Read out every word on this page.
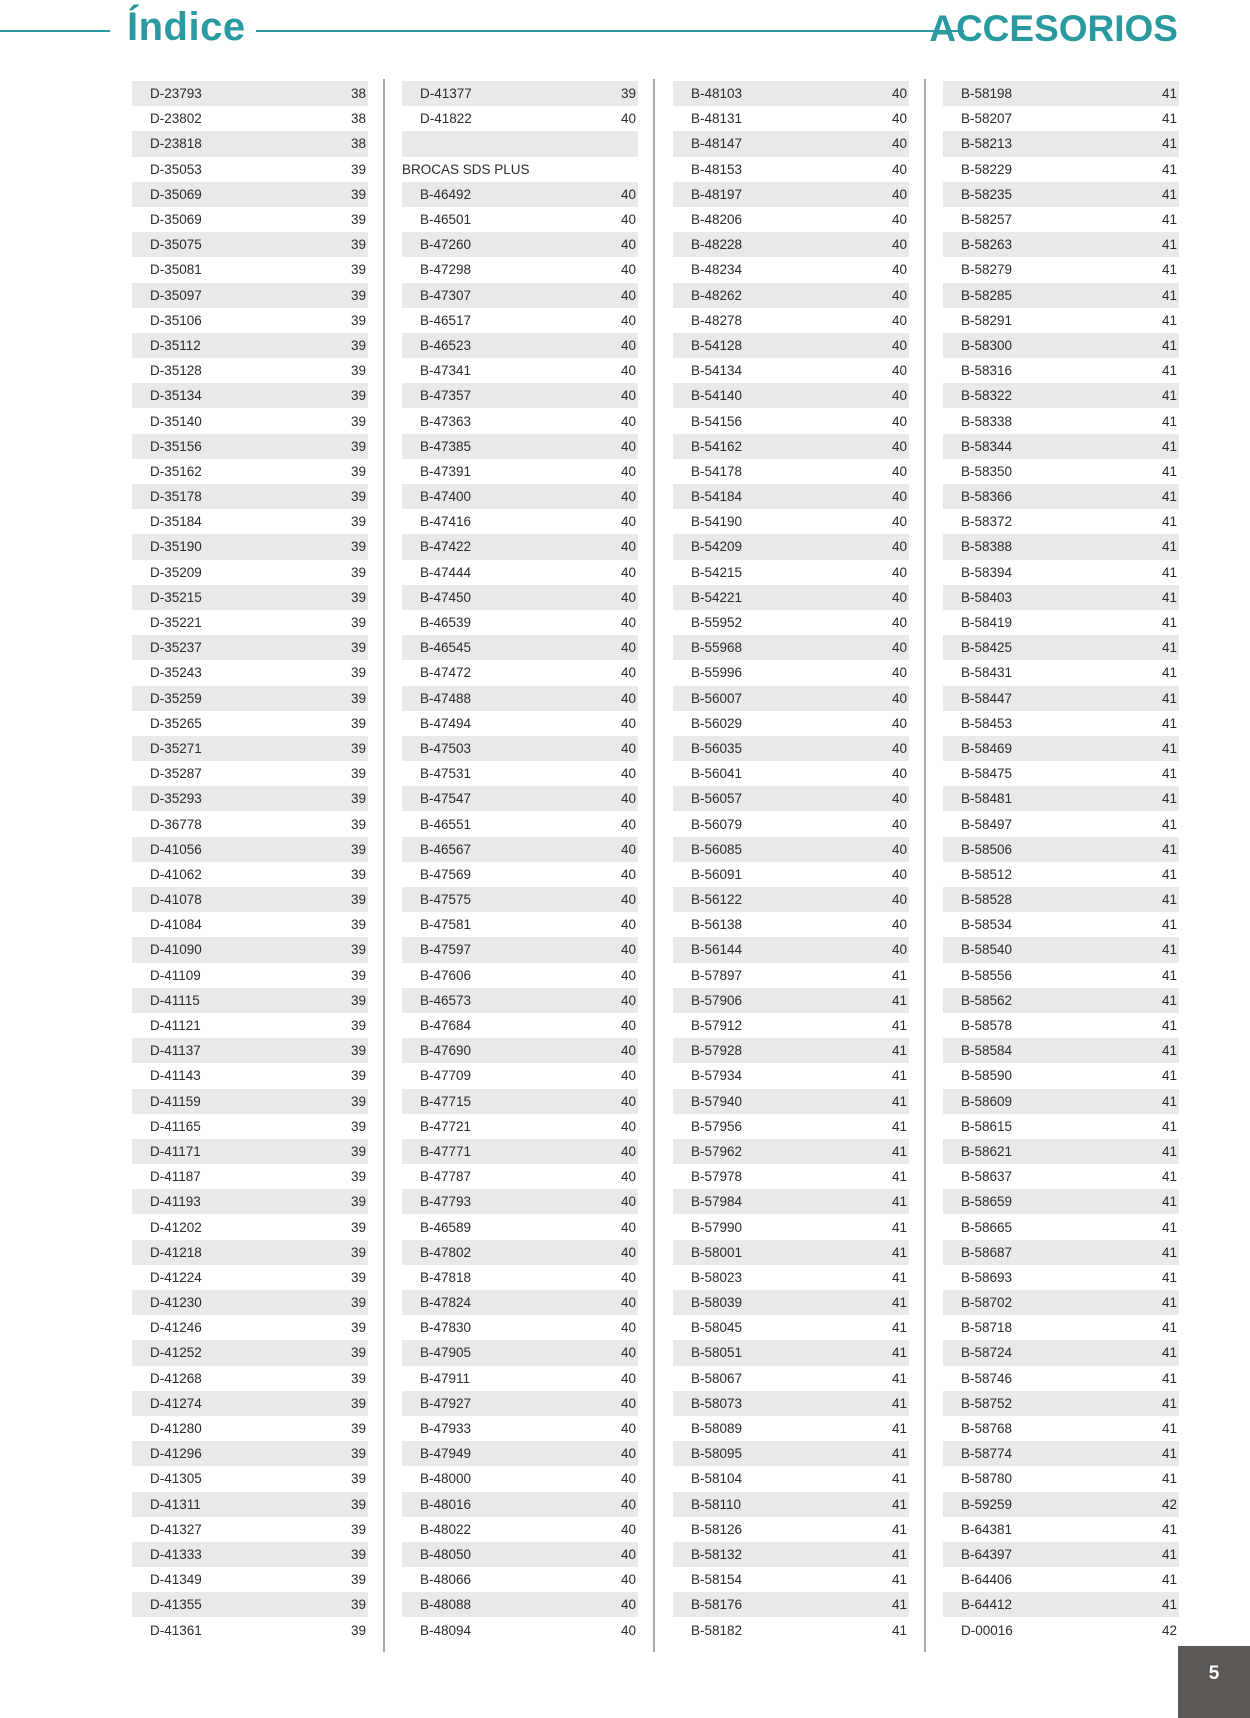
Índice	ACCESORIOS
D-23793	38
D-23802	38
D-23818	38
D-35053	39
D-35069	39
D-35069	39
D-35075	39
D-35081	39
D-35097	39
D-35106	39
D-35112	39
D-35128	39
D-35134	39
D-35140	39
D-35156	39
D-35162	39
D-35178	39
D-35184	39
D-35190	39
D-35209	39
D-35215	39
D-35221	39
D-35237	39
D-35243	39
D-35259	39
D-35265	39
D-35271	39
D-35287	39
D-35293	39
D-36778	39
D-41056	39
D-41062	39
D-41078	39
D-41084	39
D-41090	39
D-41109	39
D-41115	39
D-41121	39
D-41137	39
D-41143	39
D-41159	39
D-41165	39
D-41171	39
D-41187	39
D-41193	39
D-41202	39
D-41218	39
D-41224	39
D-41230	39
D-41246	39
D-41252	39
D-41268	39
D-41274	39
D-41280	39
D-41296	39
D-41305	39
D-41311	39
D-41327	39
D-41333	39
D-41349	39
D-41355	39
D-41361	39
D-41377	39
D-41822	40
BROCAS SDS PLUS
B-46492	40
B-46501	40
B-47260	40
B-47298	40
B-47307	40
B-46517	40
B-46523	40
B-47341	40
B-47357	40
B-47363	40
B-47385	40
B-47391	40
B-47400	40
B-47416	40
B-47422	40
B-47444	40
B-47450	40
B-46539	40
B-46545	40
B-47472	40
B-47488	40
B-47494	40
B-47503	40
B-47531	40
B-47547	40
B-46551	40
B-46567	40
B-47569	40
B-47575	40
B-47581	40
B-47597	40
B-47606	40
B-46573	40
B-47684	40
B-47690	40
B-47709	40
B-47715	40
B-47721	40
B-47771	40
B-47787	40
B-47793	40
B-46589	40
B-47802	40
B-47818	40
B-47824	40
B-47830	40
B-47905	40
B-47911	40
B-47927	40
B-47933	40
B-47949	40
B-48000	40
B-48016	40
B-48022	40
B-48050	40
B-48066	40
B-48088	40
B-48094	40
B-48103	40
B-48131	40
B-48147	40
B-48153	40
B-48197	40
B-48206	40
B-48228	40
B-48234	40
B-48262	40
B-48278	40
B-54128	40
B-54134	40
B-54140	40
B-54156	40
B-54162	40
B-54178	40
B-54184	40
B-54190	40
B-54209	40
B-54215	40
B-54221	40
B-55952	40
B-55968	40
B-55996	40
B-56007	40
B-56029	40
B-56035	40
B-56041	40
B-56057	40
B-56079	40
B-56085	40
B-56091	40
B-56122	40
B-56138	40
B-56144	40
B-57897	41
B-57906	41
B-57912	41
B-57928	41
B-57934	41
B-57940	41
B-57956	41
B-57962	41
B-57978	41
B-57984	41
B-57990	41
B-58001	41
B-58023	41
B-58039	41
B-58045	41
B-58051	41
B-58067	41
B-58073	41
B-58089	41
B-58095	41
B-58104	41
B-58110	41
B-58126	41
B-58132	41
B-58154	41
B-58176	41
B-58182	41
B-58198	41
B-58207	41
B-58213	41
B-58229	41
B-58235	41
B-58257	41
B-58263	41
B-58279	41
B-58285	41
B-58291	41
B-58300	41
B-58316	41
B-58322	41
B-58338	41
B-58344	41
B-58350	41
B-58366	41
B-58372	41
B-58388	41
B-58394	41
B-58403	41
B-58419	41
B-58425	41
B-58431	41
B-58447	41
B-58453	41
B-58469	41
B-58475	41
B-58481	41
B-58497	41
B-58506	41
B-58512	41
B-58528	41
B-58534	41
B-58540	41
B-58556	41
B-58562	41
B-58578	41
B-58584	41
B-58590	41
B-58609	41
B-58615	41
B-58621	41
B-58637	41
B-58659	41
B-58665	41
B-58687	41
B-58693	41
B-58702	41
B-58718	41
B-58724	41
B-58746	41
B-58752	41
B-58768	41
B-58774	41
B-58780	41
B-59259	42
B-64381	41
B-64397	41
B-64406	41
B-64412	41
D-00016	42
5
